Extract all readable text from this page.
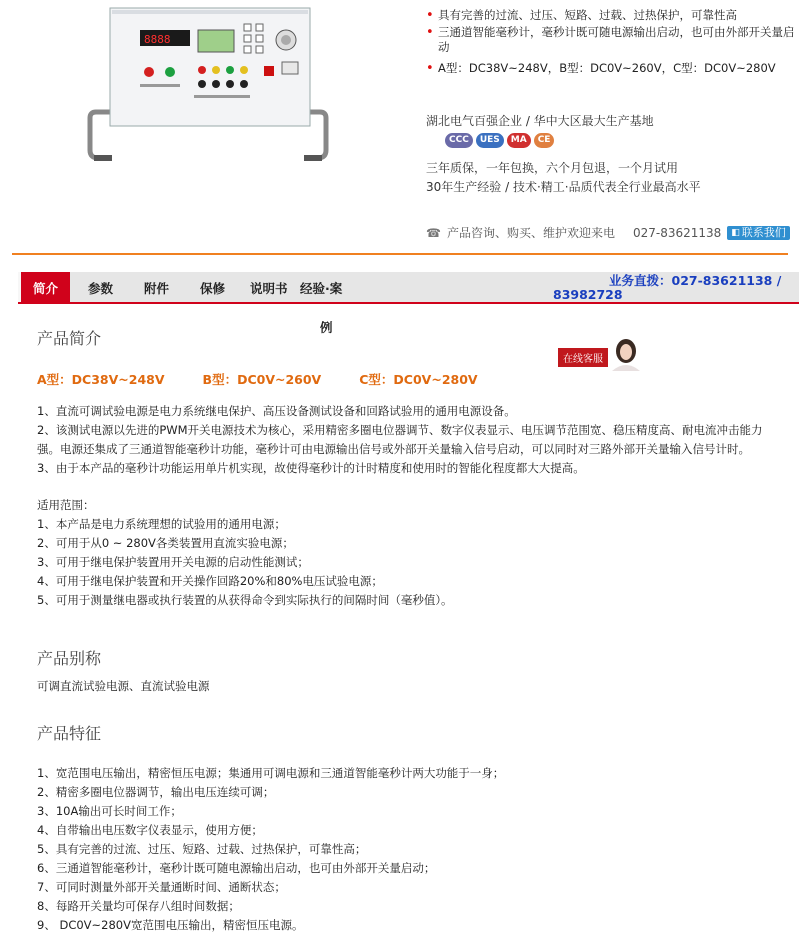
8888
• 具有完善的过流、过压、短路、过载、过热保护，可靠性高
• 三通道智能毫秒计，毫秒计既可随电源输出启动，也可由外部开关量启动
• A型：DC38V~248V，B型：DC0V~260V，C型：DC0V~280V
湖北电气百强企业 / 华中大区最大生产基地
CCC	UES	MA	CE
三年质保，一年包换，六个月包退，一个月试用
30年生产经验 / 技术·精工·品质代表全行业最高水平
☎ 产品咨询、购买、维护欢迎来电 027-83621138 ◧ 联系我们
简介	参数 附件 保修 说明书 经验·案
业务直拨：027-83621138 /
83982728
例
产品简介
在线客服
A型：DC38V~248V	B型：DC0V~260V	C型：DC0V~280V

1、直流可调试验电源是电力系统继电保护、高压设备测试设备和回路试验用的通用电源设备。

2、该测试电源以先进的PWM开关电源技术为核心，采用精密多圈电位器调节、数字仪表显示、电压调节范围宽、稳压精度高、耐电流冲击能力强。电源还集成了三通道智能毫秒计功能，毫秒计可由电源输出信号或外部开关量输入信号启动，可以同时对三路外部开关量输入信号计时。

3、由于本产品的毫秒计功能运用单片机实现，故使得毫秒计的计时精度和使用时的智能化程度都大大提高。

适用范围：

1、本产品是电力系统理想的试验用的通用电源；

2、可用于从0 ~ 280V各类装置用直流实验电源；

3、可用于继电保护装置用开关电源的启动性能测试；

4、可用于继电保护装置和开关操作回路20%和80%电压试验电源；

5、可用于测量继电器或执行装置的从获得命令到实际执行的间隔时间（毫秒值）。

产品别称
可调直流试验电源、直流试验电源
产品特征

1、宽范围电压输出，精密恒压电源；集通用可调电源和三通道智能毫秒计两大功能于一身；

2、精密多圈电位器调节，输出电压连续可调；

3、10A输出可长时间工作；

4、自带输出电压数字仪表显示，使用方便；

5、具有完善的过流、过压、短路、过载、过热保护，可靠性高；

6、三通道智能毫秒计，毫秒计既可随电源输出启动，也可由外部开关量启动；

7、可同时测量外部开关量通断时间、通断状态；

8、每路开关量均可保存八组时间数据；

9、 DC0V~280V宽范围电压输出，精密恒压电源。
